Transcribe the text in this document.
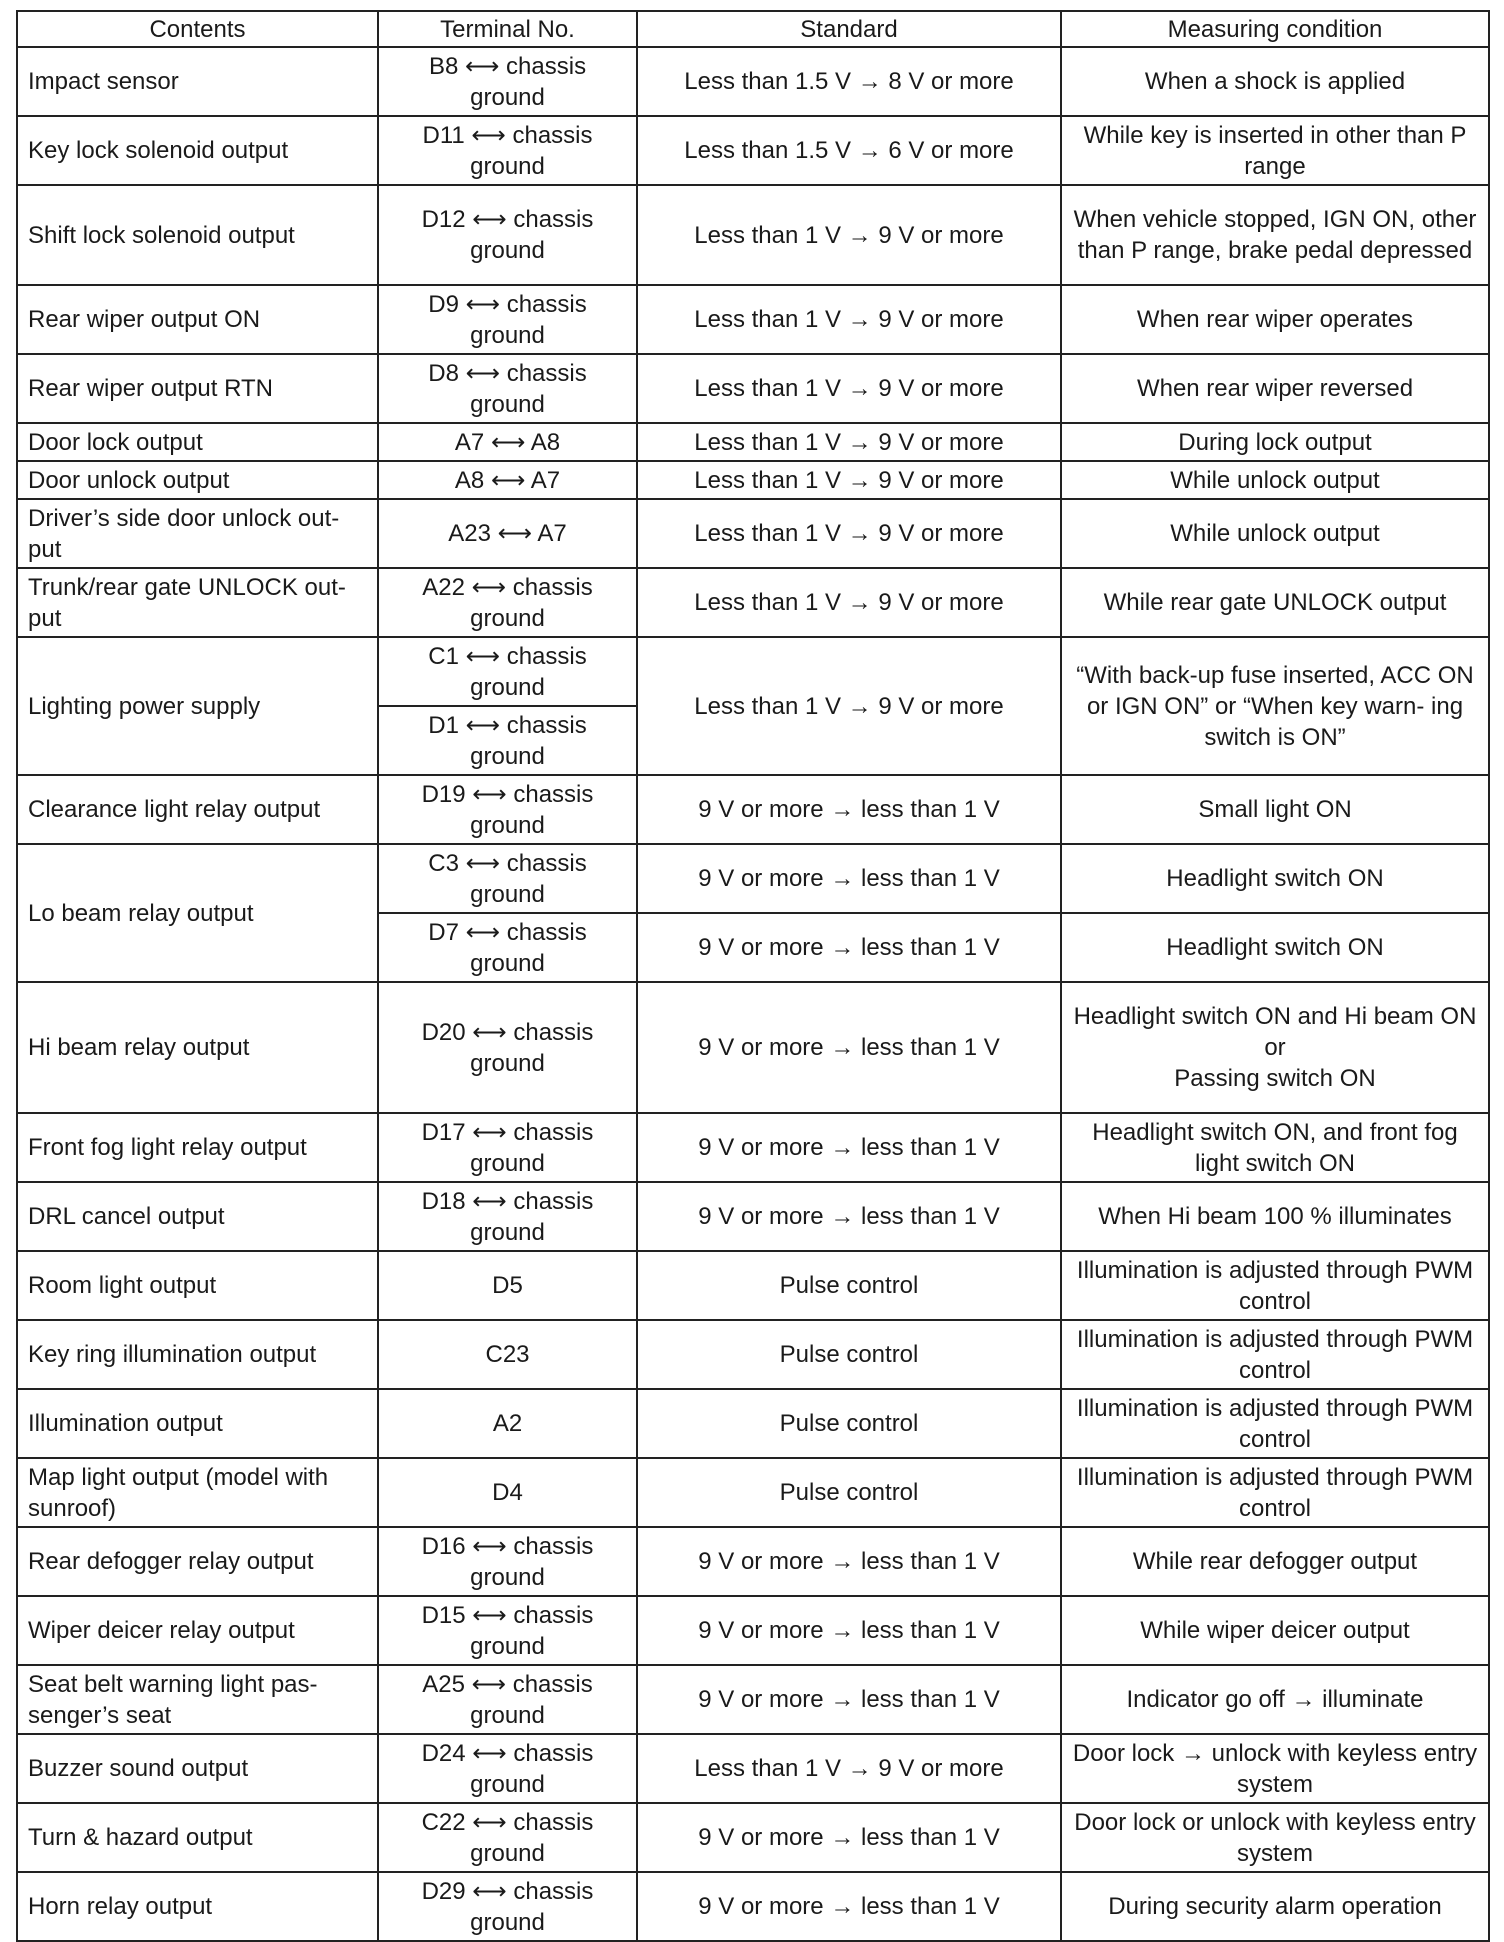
Contents	Terminal No.	Standard	Measuring condition
Impact sensor	B8 ⟷ chassis ground	Less than 1.5 V → 8 V or more	When a shock is applied
Key lock solenoid output	D11 ⟷ chassis ground	Less than 1.5 V → 6 V or more	While key is inserted in other than P range
Shift lock solenoid output	D12 ⟷ chassis ground	Less than 1 V → 9 V or more	When vehicle stopped, IGN ON, other than P range, brake pedal depressed
Rear wiper output ON	D9 ⟷ chassis ground	Less than 1 V → 9 V or more	When rear wiper operates
Rear wiper output RTN	D8 ⟷ chassis ground	Less than 1 V → 9 V or more	When rear wiper reversed
Door lock output	A7 ⟷ A8	Less than 1 V → 9 V or more	During lock output
Door unlock output	A8 ⟷ A7	Less than 1 V → 9 V or more	While unlock output
Driver’s side door unlock out- put	A23 ⟷ A7	Less than 1 V → 9 V or more	While unlock output
Trunk/rear gate UNLOCK out- put	A22 ⟷ chassis ground	Less than 1 V → 9 V or more	While rear gate UNLOCK output
Lighting power supply	C1 ⟷ chassis ground	Less than 1 V → 9 V or more	“With back-up fuse inserted, ACC ON or IGN ON” or “When key warn- ing switch is ON”
	D1 ⟷ chassis ground		
Clearance light relay output	D19 ⟷ chassis ground	9 V or more → less than 1 V	Small light ON
Lo beam relay output	C3 ⟷ chassis ground	9 V or more → less than 1 V	Headlight switch ON
	D7 ⟷ chassis ground	9 V or more → less than 1 V	Headlight switch ON
Hi beam relay output	D20 ⟷ chassis ground	9 V or more → less than 1 V	Headlight switch ON and Hi beam ON
or
Passing switch ON

Front fog light relay output	D17 ⟷ chassis ground	9 V or more → less than 1 V	Headlight switch ON, and front fog light switch ON
DRL cancel output	D18 ⟷ chassis ground	9 V or more → less than 1 V	When Hi beam 100 % illuminates
Room light output	D5	Pulse control	Illumination is adjusted through PWM control
Key ring illumination output	C23	Pulse control	Illumination is adjusted through PWM control
Illumination output	A2	Pulse control	Illumination is adjusted through PWM control
Map light output (model with sunroof)	D4	Pulse control	Illumination is adjusted through PWM control
Rear defogger relay output	D16 ⟷ chassis ground	9 V or more → less than 1 V	While rear defogger output
Wiper deicer relay output	D15 ⟷ chassis ground	9 V or more → less than 1 V	While wiper deicer output
Seat belt warning light pas- senger’s seat	A25 ⟷ chassis ground	9 V or more → less than 1 V	Indicator go off → illuminate
Buzzer sound output	D24 ⟷ chassis ground	Less than 1 V → 9 V or more	Door lock → unlock with keyless entry system
Turn & hazard output	C22 ⟷ chassis ground	9 V or more → less than 1 V	Door lock or unlock with keyless entry system
Horn relay output	D29 ⟷ chassis ground	9 V or more → less than 1 V	During security alarm operation
